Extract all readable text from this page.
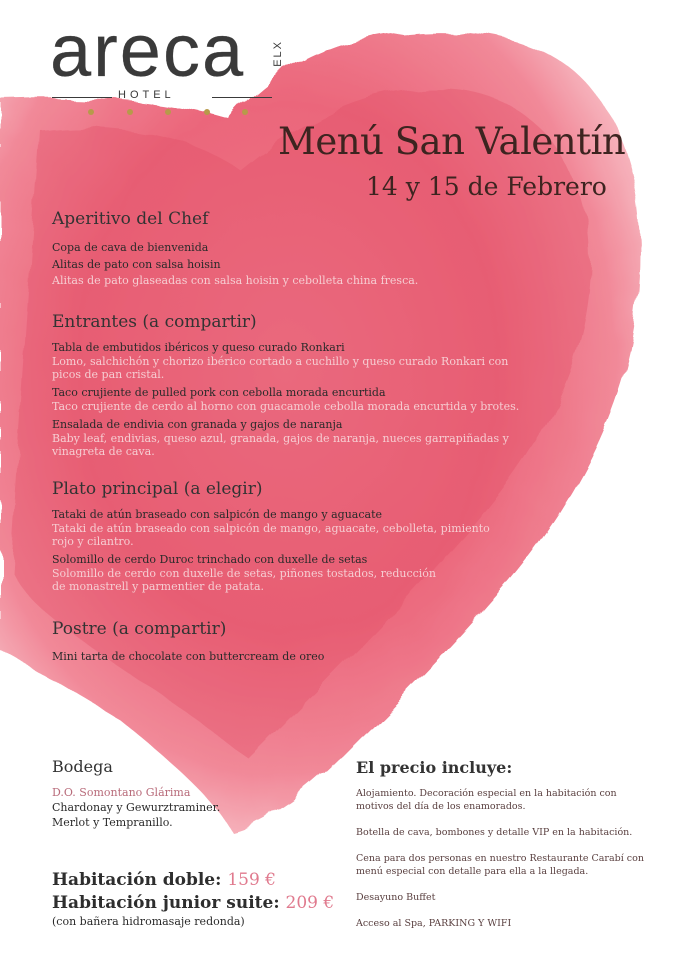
areca ELX
HOTEL
Menú San Valentín
14 y 15 de Febrero
Aperitivo del Chef
Copa de cava de bienvenida
Alitas de pato con salsa hoisin
Alitas de pato glaseadas con salsa hoisin y cebolleta china fresca.
Entrantes (a compartir)
Tabla de embutidos ibéricos y queso curado Ronkari
Lomo, salchichón y chorizo ibérico cortado a cuchillo y queso curado Ronkari con picos de pan cristal.
Taco crujiente de pulled pork con cebolla morada encurtida
Taco crujiente de cerdo al horno con guacamole cebolla morada encurtida y brotes.
Ensalada de endivia con granada y gajos de naranja
Baby leaf, endivias, queso azul, granada, gajos de naranja, nueces garrapiñadas y vinagreta de cava.
Plato principal (a elegir)
Tataki de atún braseado con salpicón de mango y aguacate
Tataki de atún braseado con salpicón de mango, aguacate, cebolleta, pimiento rojo y cilantro.
Solomillo de cerdo Duroc trinchado con duxelle de setas
Solomillo de cerdo con duxelle de setas, piñones tostados, reducción de monastrell y parmentier de patata.
Postre (a compartir)
Mini tarta de chocolate con buttercream de oreo
Bodega
D.O. Somontano Glárima
Chardonay y Gewurztraminer.
Merlot y Tempranillo.
Habitación doble: 159 €
Habitación junior suite: 209 €
(con bañera hidromasaje redonda)
El precio incluye:
Alojamiento. Decoración especial en la habitación con motivos del día de los enamorados.
Botella de cava, bombones y detalle VIP en la habitación.
Cena para dos personas en nuestro Restaurante Carabí con menú especial con detalle para ella a la llegada.
Desayuno Buffet
Acceso al Spa, PARKING Y WIFI
